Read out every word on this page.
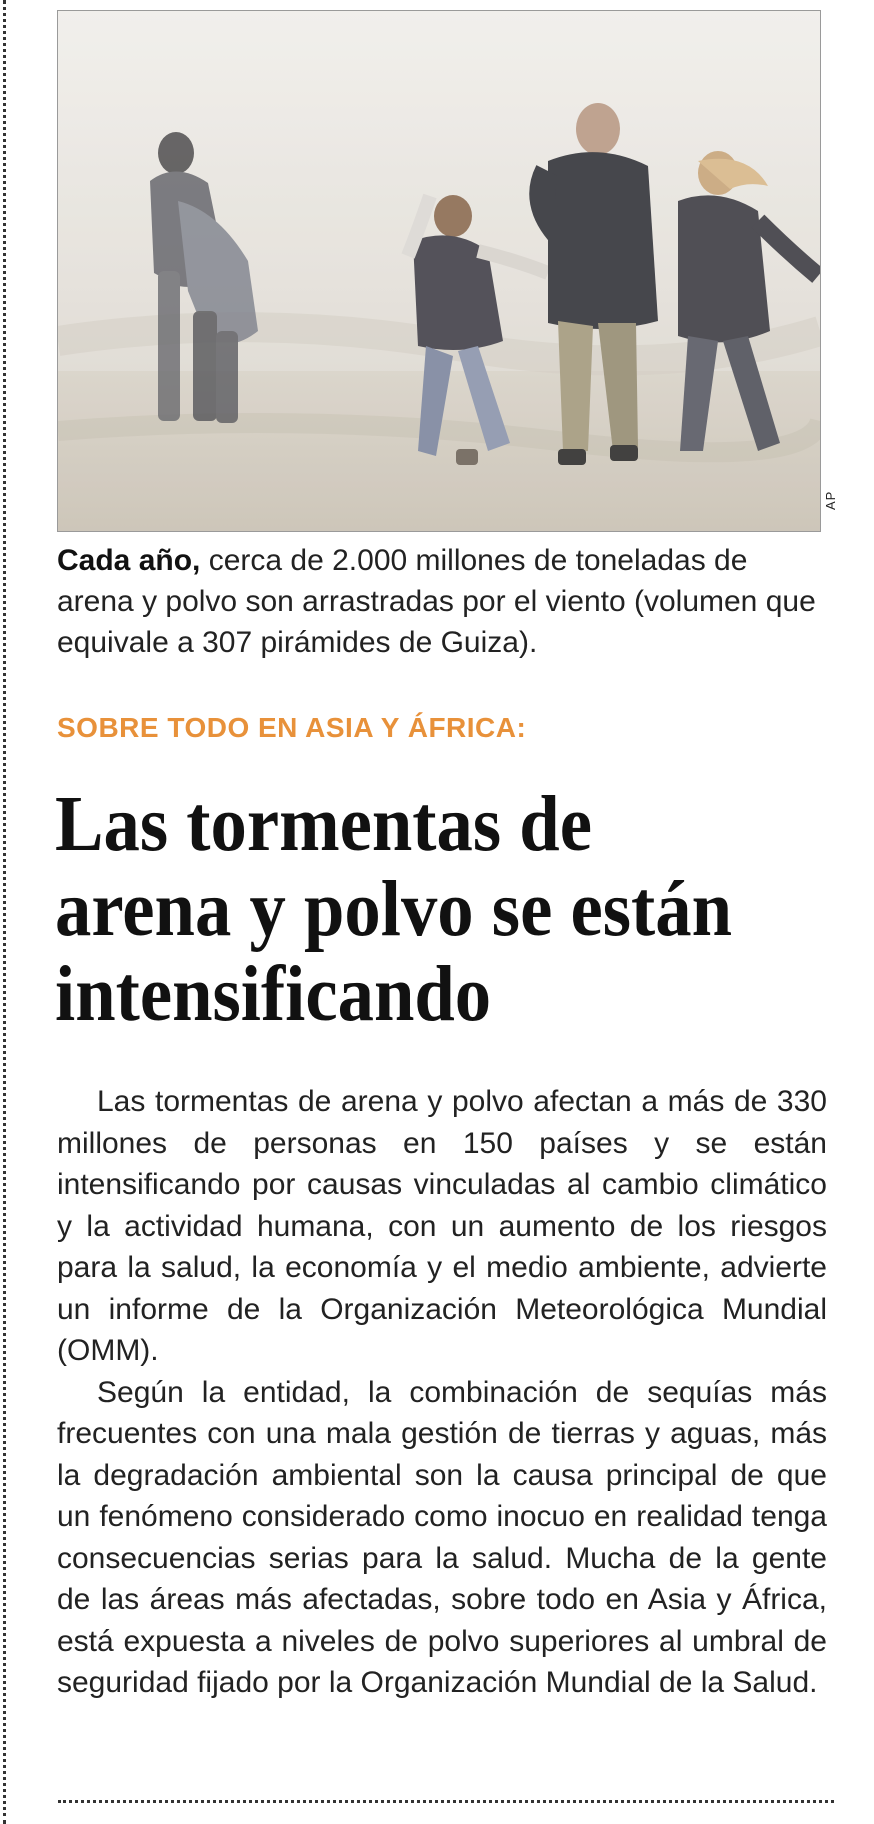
AP
Cada año, cerca de 2.000 millones de toneladas de arena y polvo son arrastradas por el viento (volumen que equivale a 307 pirámides de Guiza).
SOBRE TODO EN ASIA Y ÁFRICA:
Las tormentas de arena y polvo se están intensificando

Las tormentas de arena y polvo afectan a más de 330 millones de personas en 150 países y se están intensificando por causas vinculadas al cambio climático y la actividad humana, con un aumento de los riesgos para la salud, la economía y el medio ambiente, advierte un informe de la Organización Meteorológica Mundial (OMM).

Según la entidad, la combinación de sequías más frecuentes con una mala gestión de tierras y aguas, más la degradación ambiental son la causa principal de que un fenómeno considerado como inocuo en realidad tenga consecuencias serias para la salud. Mucha de la gente de las áreas más afectadas, sobre todo en Asia y África, está expuesta a niveles de polvo superiores al umbral de seguridad fijado por la Organización Mundial de la Salud.
